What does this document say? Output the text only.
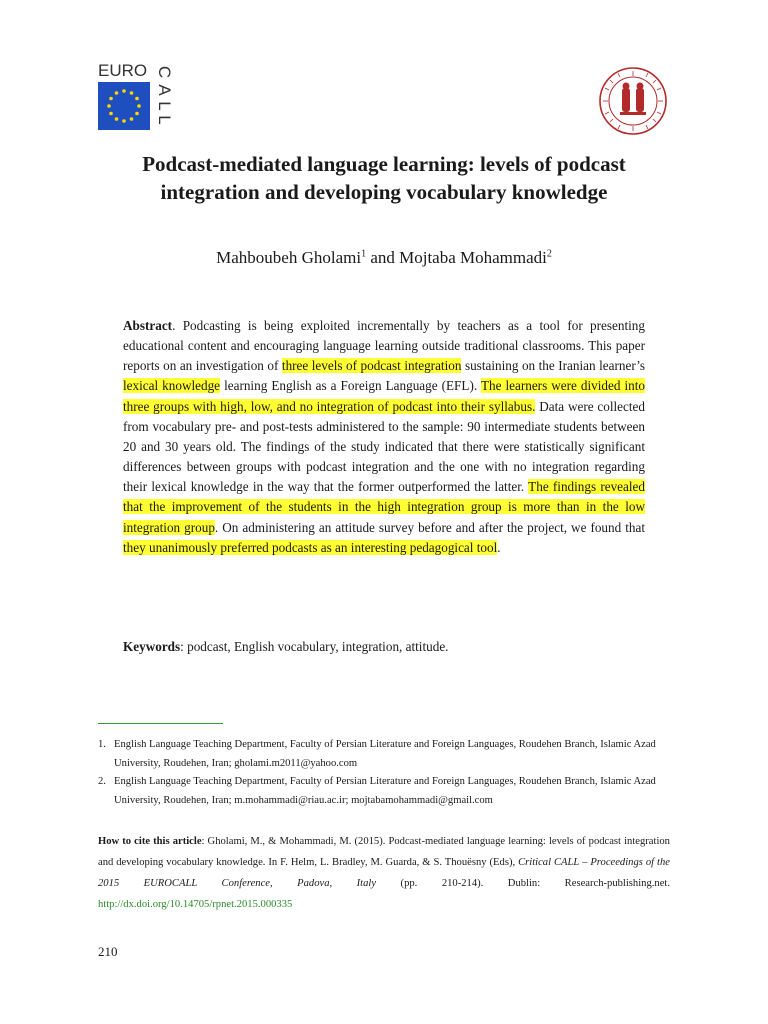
EURO C
A
L
L
Podcast-mediated language learning: levels of podcast integration and developing vocabulary knowledge
Mahboubeh Gholami$^1$ and Mojtaba Mohammadi$^2$

Abstract. Podcasting is being exploited incrementally by teachers as a tool for presenting educational content and encouraging language learning outside traditional classrooms. This paper reports on an investigation of three levels of podcast integration sustaining on the Iranian learner’s lexical knowledge learning English as a Foreign Language (EFL). The learners were divided into three groups with high, low, and no integration of podcast into their syllabus. Data were collected from vocabulary pre- and post-tests administered to the sample: 90 intermediate students between 20 and 30 years old. The findings of the study indicated that there were statistically significant differences between groups with podcast integration and the one with no integration regarding their lexical knowledge in the way that the former outperformed the latter. The findings revealed that the improvement of the students in the high integration group is more than in the low integration group. On administering an attitude survey before and after the project, we found that they unanimously preferred podcasts as an interesting pedagogical tool.

Keywords: podcast, English vocabulary, integration, attitude.

1. English Language Teaching Department, Faculty of Persian Literature and Foreign Languages, Roudehen Branch, Islamic Azad University, Roudehen, Iran; gholami.m2011@yahoo.com
2. English Language Teaching Department, Faculty of Persian Literature and Foreign Languages, Roudehen Branch, Islamic Azad University, Roudehen, Iran; m.mohammadi@riau.ac.ir; mojtabamohammadi@gmail.com

How to cite this article: Gholami, M., & Mohammadi, M. (2015). Podcast-mediated language learning: levels of podcast integration and developing vocabulary knowledge. In F. Helm, L. Bradley, M. Guarda, & S. Thouësny (Eds), Critical CALL – Proceedings of the 2015 EUROCALL Conference, Padova, Italy (pp. 210-214). Dublin: Research-publishing.net. http://dx.doi.org/10.14705/rpnet.2015.000335

210
